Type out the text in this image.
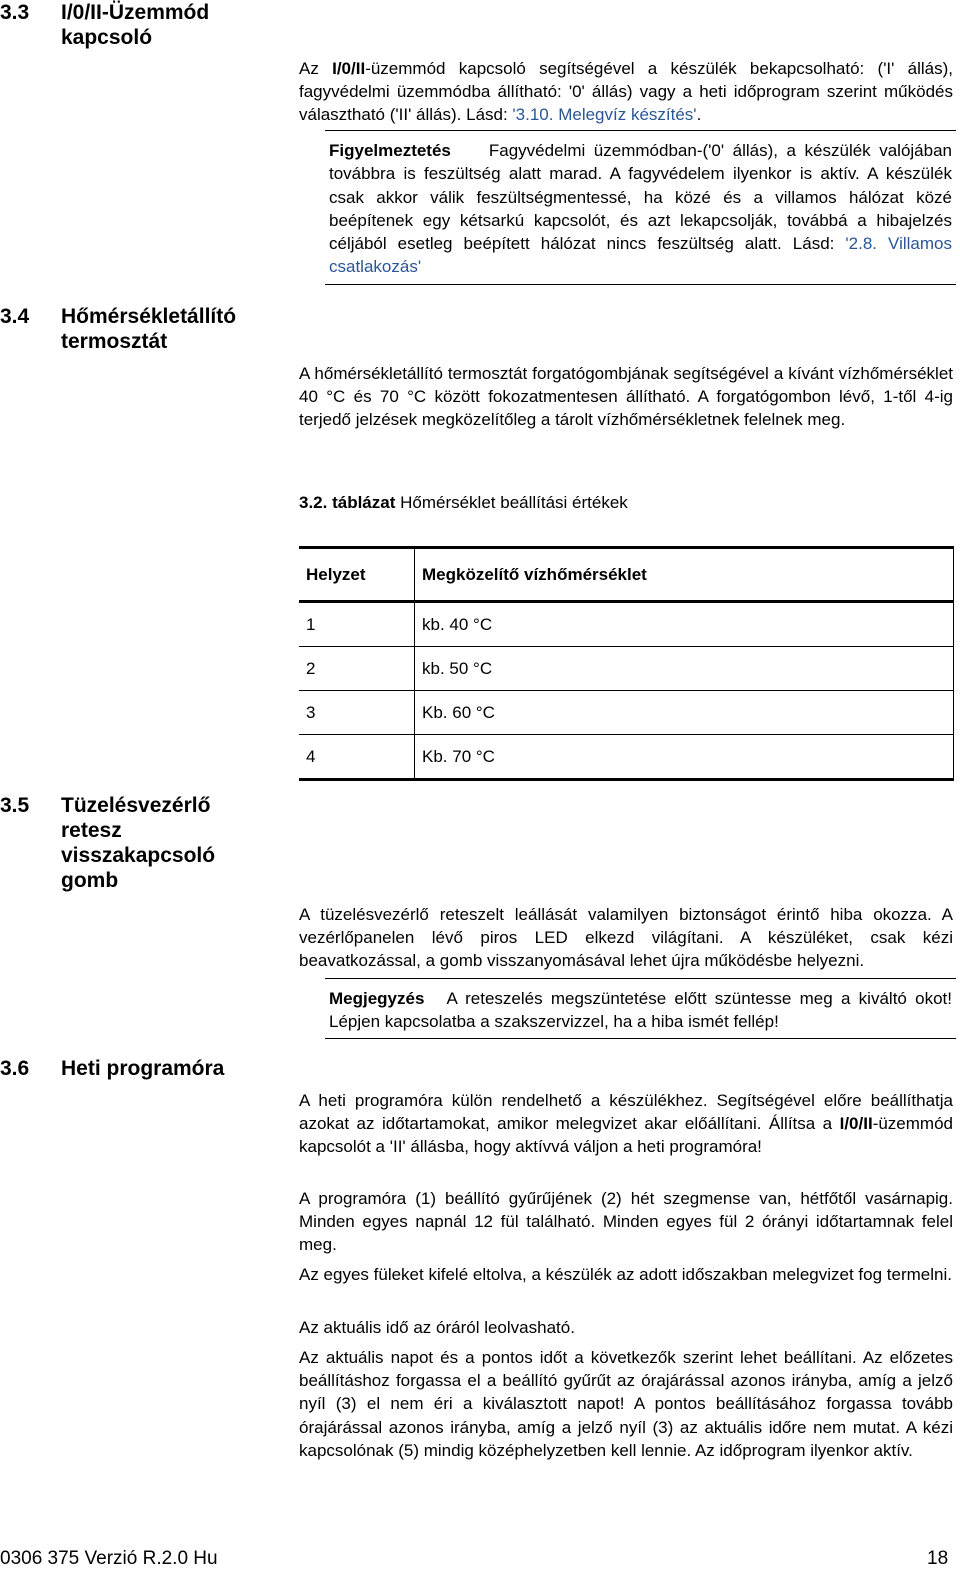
3.3	I/0/II-Üzemmód
kapcsoló

Az I/0/II-üzemmód kapcsoló segítségével a készülék bekapcsolható: ('I' állás), fagyvédelmi üzemmódba állítható: '0' állás) vagy a heti időprogram szerint működés választható ('II' állás). Lásd: '3.10. Melegvíz készítés'.

Figyelmeztetés Fagyvédelmi üzemmódban-('0' állás), a készülék valójában továbbra is feszültség alatt marad. A fagyvédelem ilyenkor is aktív. A készülék csak akkor válik feszültségmentessé, ha közé és a villamos hálózat közé beépítenek egy kétsarkú kapcsolót, és azt lekapcsolják, továbbá a hibajelzés céljából esetleg beépített hálózat nincs feszültség alatt. Lásd: '2.8. Villamos csatlakozás'

3.4	Hőmérsékletállító
termosztát

A hőmérsékletállító termosztát forgatógombjának segítségével a kívánt vízhőmérséklet 40 °C és 70 °C között fokozatmentesen állítható. A forgatógombon lévő, 1-től 4-ig terjedő jelzések megközelítőleg a tárolt vízhőmérsékletnek felelnek meg.

3.2. táblázat Hőmérséklet beállítási értékek
Helyzet	Megközelítő vízhőmérséklet
1	kb. 40 °C
2	kb. 50 °C
3	Kb. 60 °C
4	Kb. 70 °C
3.5	Tüzelésvezérlő
retesz
visszakapcsoló
gomb

A tüzelésvezérlő reteszelt leállását valamilyen biztonságot érintő hiba okozza. A vezérlőpanelen lévő piros LED elkezd világítani. A készüléket, csak kézi beavatkozással, a gomb visszanyomásával lehet újra működésbe helyezni.

Megjegyzés A reteszelés megszüntetése előtt szüntesse meg a kiváltó okot! Lépjen kapcsolatba a szakszervizzel, ha a hiba ismét fellép!

3.6	Heti programóra

A heti programóra külön rendelhető a készülékhez. Segítségével előre beállíthatja azokat az időtartamokat, amikor melegvizet akar előállítani. Állítsa a I/0/II-üzemmód kapcsolót a 'II' állásba, hogy aktívvá váljon a heti programóra!

A programóra (1) beállító gyűrűjének (2) hét szegmense van, hétfőtől vasárnapig. Minden egyes napnál 12 fül található. Minden egyes fül 2 órányi időtartamnak felel meg.

Az egyes füleket kifelé eltolva, a készülék az adott időszakban melegvizet fog termelni.

Az aktuális idő az óráról leolvasható.

Az aktuális napot és a pontos időt a következők szerint lehet beállítani. Az előzetes beállításhoz forgassa el a beállító gyűrűt az órajárással azonos irányba, amíg a jelző nyíl (3) el nem éri a kiválasztott napot! A pontos beállításához forgassa tovább órajárással azonos irányba, amíg a jelző nyíl (3) az aktuális időre nem mutat. A kézi kapcsolónak (5) mindig középhelyzetben kell lennie. Az időprogram ilyenkor aktív.

0306 375 Verzió R.2.0 Hu	18
